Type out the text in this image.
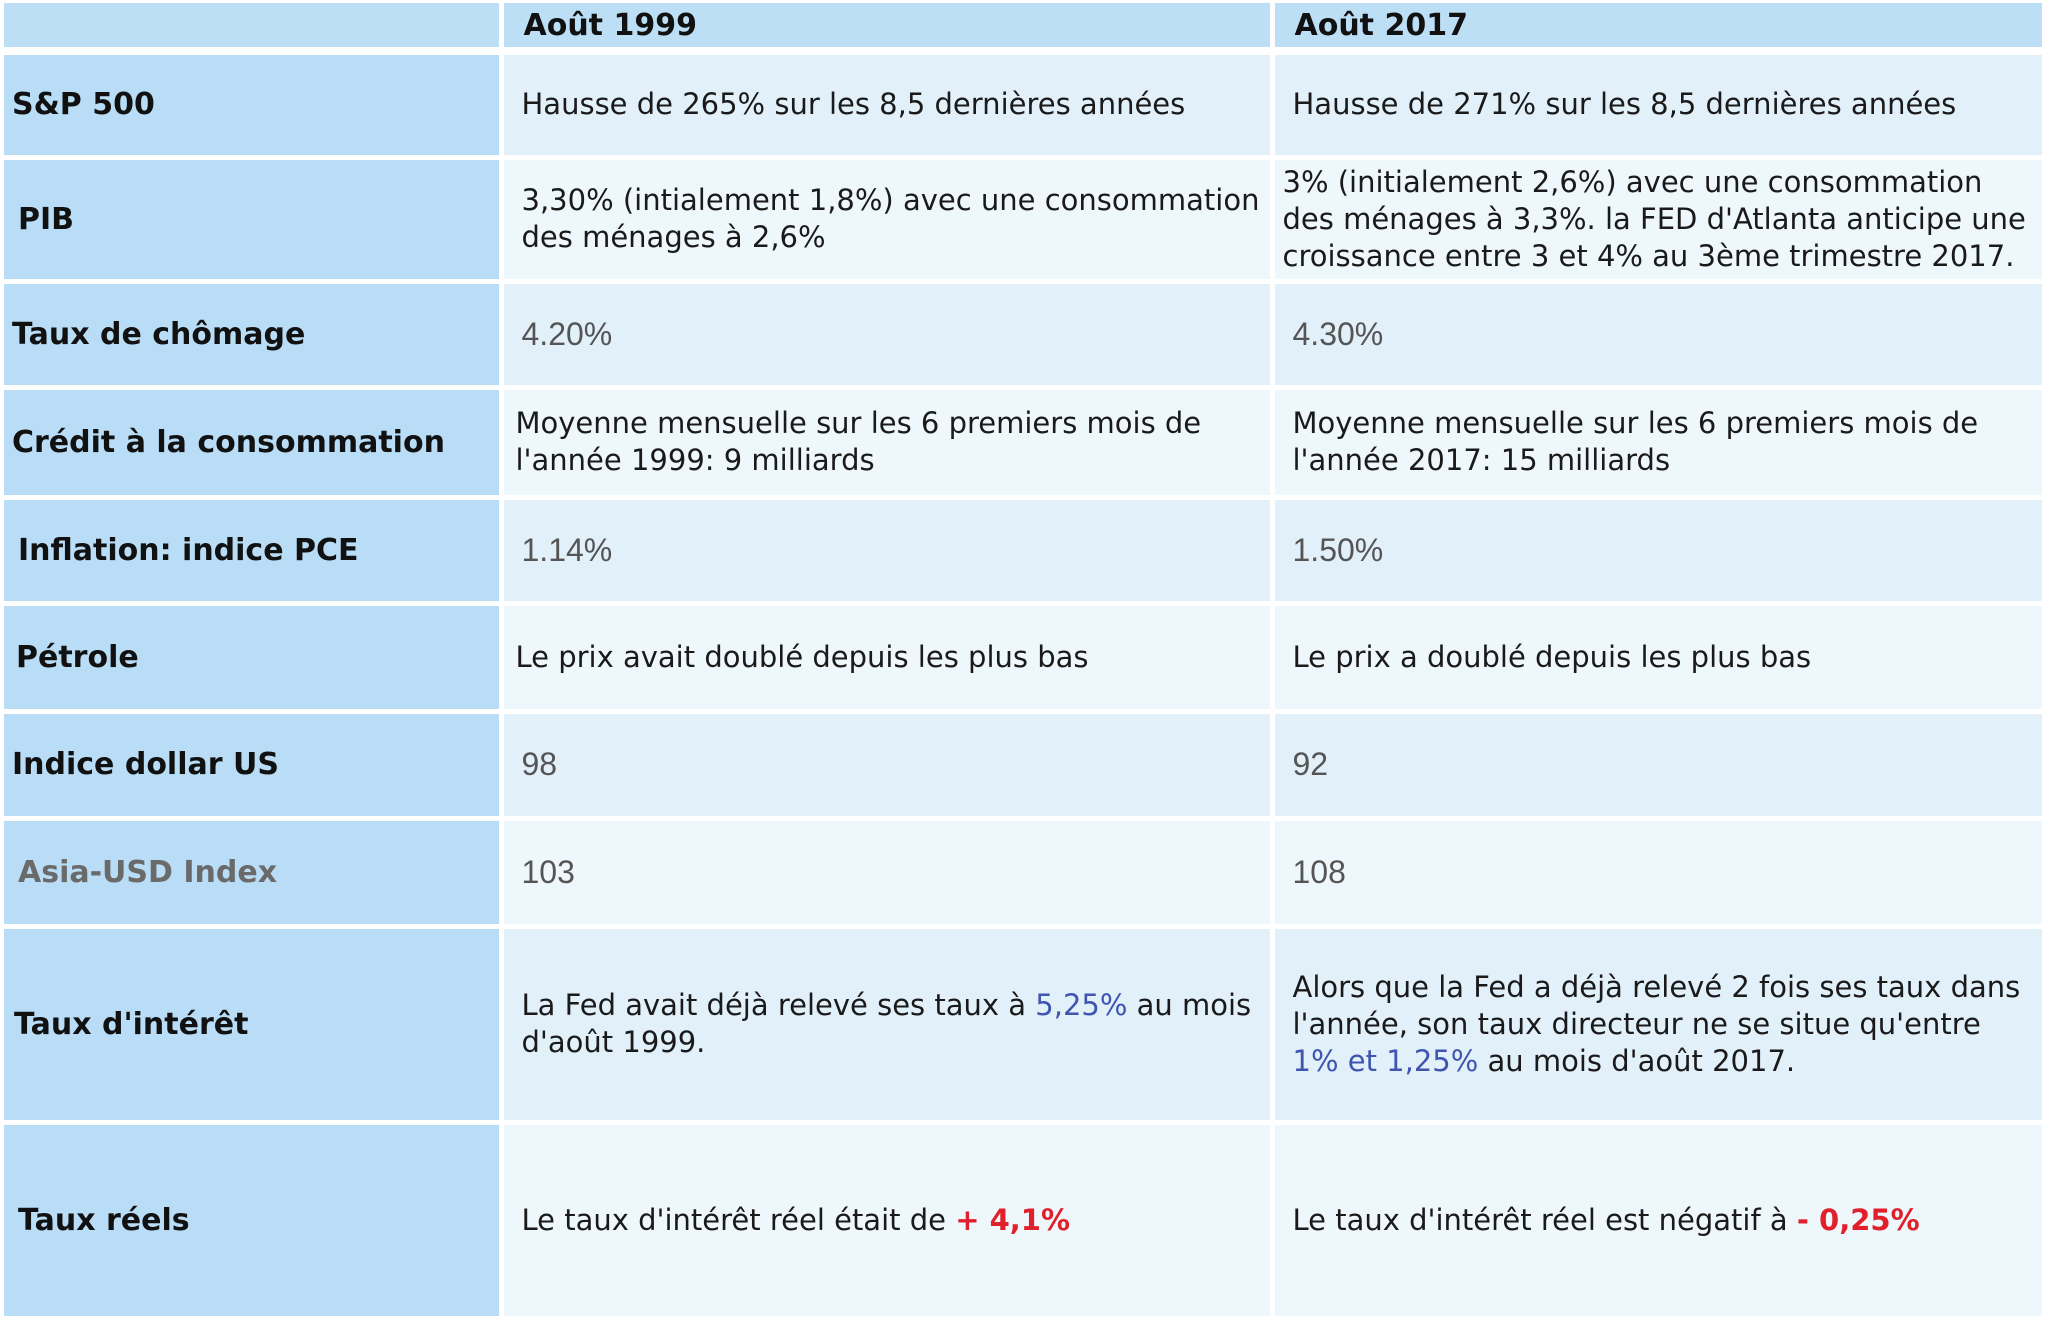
	Août 1999	Août 2017
S&P 500	Hausse de 265% sur les 8,5 dernières années	Hausse de 271% sur les 8,5 dernières années
PIB	3,30% (intialement 1,8%) avec une consommation des ménages à 2,6%	3% (initialement 2,6%) avec une consommation des ménages à 3,3%. la FED d'Atlanta anticipe une croissance entre 3 et 4% au 3ème trimestre 2017.
Taux de chômage	4.20%	4.30%
Crédit à la consommation	Moyenne mensuelle sur les 6 premiers mois de l'année 1999: 9 milliards	Moyenne mensuelle sur les 6 premiers mois de l'année 2017: 15 milliards
Inflation: indice PCE	1.14%	1.50%
Pétrole	Le prix avait doublé depuis les plus bas	Le prix a doublé depuis les plus bas
Indice dollar US	98	92
Asia-USD Index	103	108
Taux d'intérêt	La Fed avait déjà relevé ses taux à 5,25% au mois d'août 1999.	Alors que la Fed a déjà relevé 2 fois ses taux dans l'année, son taux directeur ne se situe qu'entre 1% et 1,25% au mois d'août 2017.
Taux réels	Le taux d'intérêt réel était de + 4,1%	Le taux d'intérêt réel est négatif à - 0,25%
